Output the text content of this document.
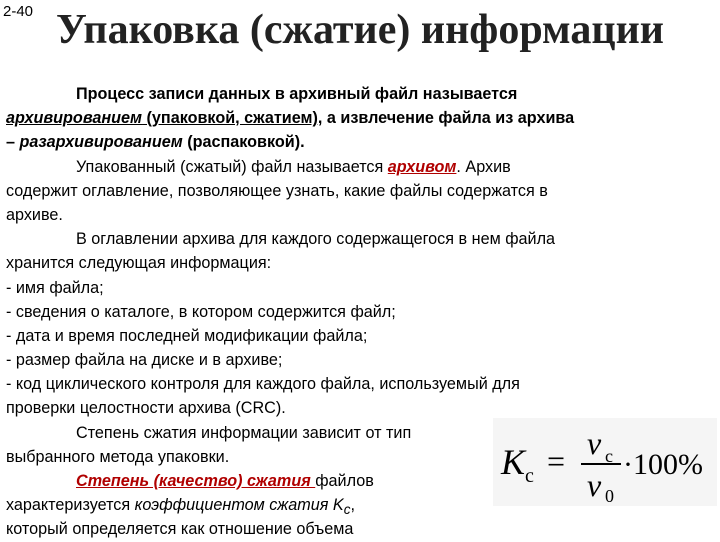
2-40 Упаковка (сжатие) информации
Процесс записи данных в архивный файл называется
архивированием (упаковкой, сжатием), а извлечение файла из архива
– разархивированием (распаковкой).
Упакованный (сжатый) файл называется архивом. Архив
содержит оглавление, позволяющее узнать, какие файлы содержатся в
архиве.
В оглавлении архива для каждого содержащегося в нем файла
хранится следующая информация:
- имя файла;
- сведения о каталоге, в котором содержится файл;
- дата и время последней модификации файла;
- размер файла на диске и в архиве;
- код циклического контроля для каждого файла, используемый для
проверки целостности архива (CRC).
Степень сжатия информации зависит от тип
выбранного метода упаковки.
Степень (качество) сжатия файлов
характеризуется коэффициентом сжатия $K_c$,
который определяется как отношение объема
K c = ν c
ν 0
·100%
